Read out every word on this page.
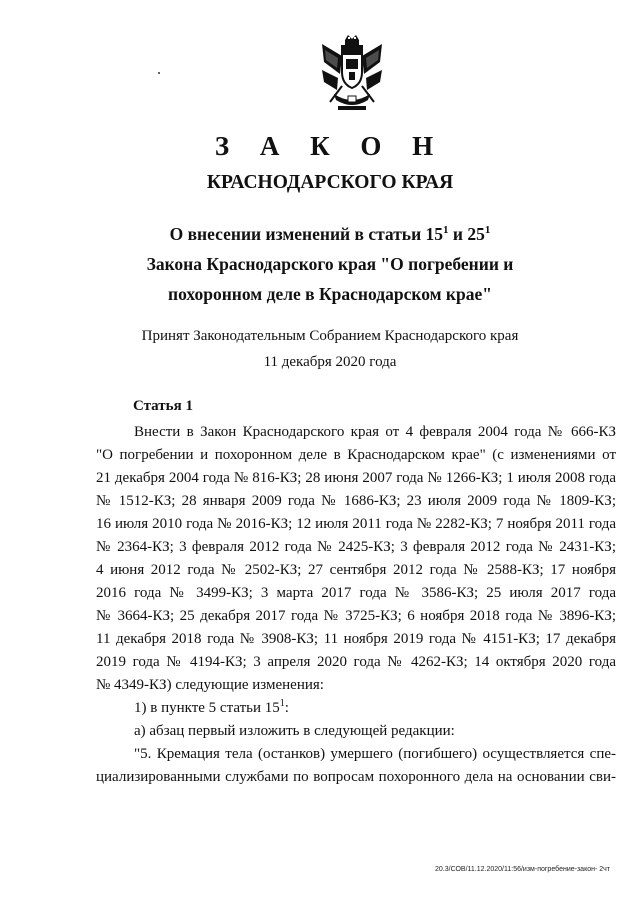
З А К О Н
КРАСНОДАРСКОГО КРАЯ
О внесении изменений в статьи $15^1$ и $25^1$
Закона Краснодарского края "О погребении и
похоронном деле в Краснодарском крае"
Принят Законодательным Собранием Краснодарского края
11 декабря 2020 года
Статья 1
Внести в Закон Краснодарского края от 4 февраля 2004 года № 666-КЗ
"О погребении и похоронном деле в Краснодарском крае" (с изменениями от
21 декабря 2004 года № 816-КЗ; 28 июня 2007 года № 1266-КЗ; 1 июля 2008 года
№ 1512-КЗ; 28 января 2009 года № 1686-КЗ; 23 июля 2009 года № 1809-КЗ;
16 июля 2010 года № 2016-КЗ; 12 июля 2011 года № 2282-КЗ; 7 ноября 2011 года
№ 2364-КЗ; 3 февраля 2012 года № 2425-КЗ; 3 февраля 2012 года № 2431-КЗ;
4 июня 2012 года № 2502-КЗ; 27 сентября 2012 года № 2588-КЗ; 17 ноября
2016 года № 3499-КЗ; 3 марта 2017 года № 3586-КЗ; 25 июля 2017 года
№ 3664-КЗ; 25 декабря 2017 года № 3725-КЗ; 6 ноября 2018 года № 3896-КЗ;
11 декабря 2018 года № 3908-КЗ; 11 ноября 2019 года № 4151-КЗ; 17 декабря
2019 года № 4194-КЗ; 3 апреля 2020 года № 4262-КЗ; 14 октября 2020 года
№ 4349-КЗ) следующие изменения:
1) в пункте 5 статьи $15^1$:
а) абзац первый изложить в следующей редакции:
"5. Кремация тела (останков) умершего (погибшего) осуществляется спе-
циализированными службами по вопросам похоронного дела на основании сви-
20.3/СОВ/11.12.2020/11:56/изм-погребение-закон- 2чт
